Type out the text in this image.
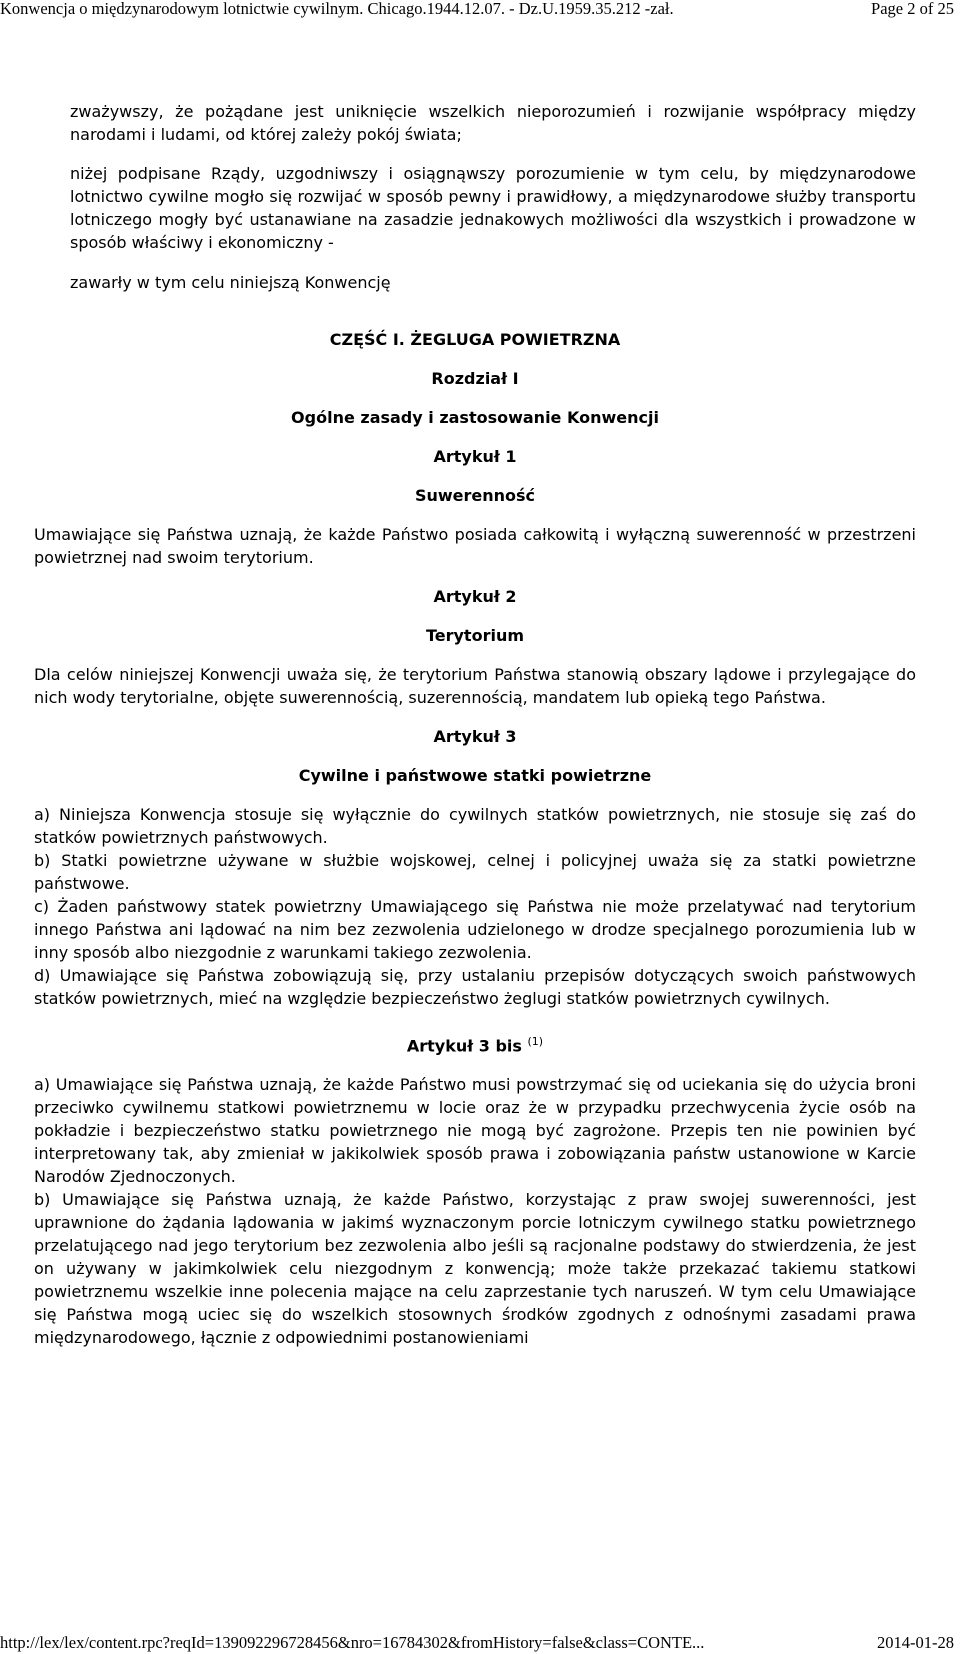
Konwencja o międzynarodowym lotnictwie cywilnym. Chicago.1944.12.07. - Dz.U.1959.35.212 -zał.	Page 2 of 25

zważywszy, że pożądane jest uniknięcie wszelkich nieporozumień i rozwijanie współpracy między narodami i ludami, od której zależy pokój świata;

niżej podpisane Rządy, uzgodniwszy i osiągnąwszy porozumienie w tym celu, by międzynarodowe lotnictwo cywilne mogło się rozwijać w sposób pewny i prawidłowy, a międzynarodowe służby transportu lotniczego mogły być ustanawiane na zasadzie jednakowych możliwości dla wszystkich i prowadzone w sposób właściwy i ekonomiczny -

zawarły w tym celu niniejszą Konwencję

CZĘŚĆ I. ŻEGLUGA POWIETRZNA

Rozdział I

Ogólne zasady i zastosowanie Konwencji

Artykuł 1

Suwerenność

Umawiające się Państwa uznają, że każde Państwo posiada całkowitą i wyłączną suwerenność w przestrzeni powietrznej nad swoim terytorium.

Artykuł 2

Terytorium

Dla celów niniejszej Konwencji uważa się, że terytorium Państwa stanowią obszary lądowe i przylegające do nich wody terytorialne, objęte suwerennością, suzerennością, mandatem lub opieką tego Państwa.

Artykuł 3

Cywilne i państwowe statki powietrzne

a) Niniejsza Konwencja stosuje się wyłącznie do cywilnych statków powietrznych, nie stosuje się zaś do statków powietrznych państwowych.

b) Statki powietrzne używane w służbie wojskowej, celnej i policyjnej uważa się za statki powietrzne państwowe.

c) Żaden państwowy statek powietrzny Umawiającego się Państwa nie może przelatywać nad terytorium innego Państwa ani lądować na nim bez zezwolenia udzielonego w drodze specjalnego porozumienia lub w inny sposób albo niezgodnie z warunkami takiego zezwolenia.

d) Umawiające się Państwa zobowiązują się, przy ustalaniu przepisów dotyczących swoich państwowych statków powietrznych, mieć na względzie bezpieczeństwo żeglugi statków powietrznych cywilnych.

Artykuł 3 bis $^{(1)}$

a) Umawiające się Państwa uznają, że każde Państwo musi powstrzymać się od uciekania się do użycia broni przeciwko cywilnemu statkowi powietrznemu w locie oraz że w przypadku przechwycenia życie osób na pokładzie i bezpieczeństwo statku powietrznego nie mogą być zagrożone. Przepis ten nie powinien być interpretowany tak, aby zmieniał w jakikolwiek sposób prawa i zobowiązania państw ustanowione w Karcie Narodów Zjednoczonych.

b) Umawiające się Państwa uznają, że każde Państwo, korzystając z praw swojej suwerenności, jest uprawnione do żądania lądowania w jakimś wyznaczonym porcie lotniczym cywilnego statku powietrznego przelatującego nad jego terytorium bez zezwolenia albo jeśli są racjonalne podstawy do stwierdzenia, że jest on używany w jakimkolwiek celu niezgodnym z konwencją; może także przekazać takiemu statkowi powietrznemu wszelkie inne polecenia mające na celu zaprzestanie tych naruszeń. W tym celu Umawiające się Państwa mogą uciec się do wszelkich stosownych środków zgodnych z odnośnymi zasadami prawa międzynarodowego, łącznie z odpowiednimi postanowieniami

http://lex/lex/content.rpc?reqId=139092296728456&nro=16784302&fromHistory=false&class=CONTE...	2014-01-28
